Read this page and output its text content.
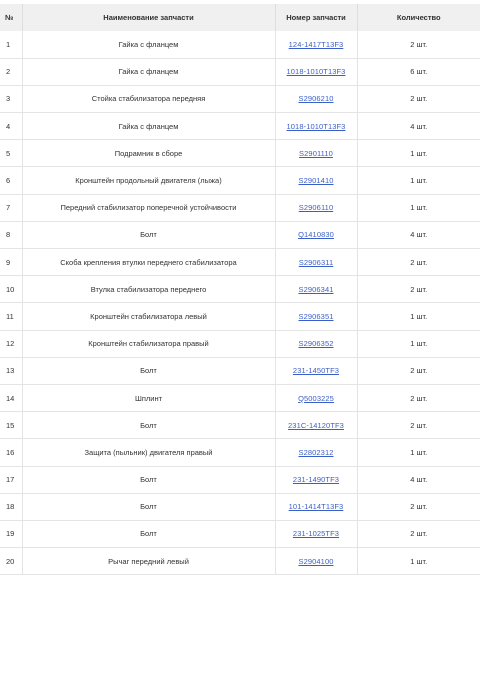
№	Наименование запчасти	Номер запчасти	Количество
1	Гайка с фланцем	124-1417T13F3	2 шт.
2	Гайка с фланцем	1018-1010T13F3	6 шт.
3	Стойка стабилизатора передняя	S2906210	2 шт.
4	Гайка с фланцем	1018-1010T13F3	4 шт.
5	Подрамник в сборе	S2901110	1 шт.
6	Кронштейн продольный двигателя (лыжа)	S2901410	1 шт.
7	Передний стабилизатор поперечной устойчивости	S2906110	1 шт.
8	Болт	Q1410830	4 шт.
9	Скоба крепления втулки переднего стабилизатора	S2906311	2 шт.
10	Втулка стабилизатора переднего	S2906341	2 шт.
11	Кронштейн стабилизатора левый	S2906351	1 шт.
12	Кронштейн стабилизатора правый	S2906352	1 шт.
13	Болт	231-1450TF3	2 шт.
14	Шплинт	Q5003225	2 шт.
15	Болт	231C-14120TF3	2 шт.
16	Защита (пыльник) двигателя правый	S2802312	1 шт.
17	Болт	231-1490TF3	4 шт.
18	Болт	101-1414T13F3	2 шт.
19	Болт	231-1025TF3	2 шт.
20	Рычаг передний левый	S2904100	1 шт.
